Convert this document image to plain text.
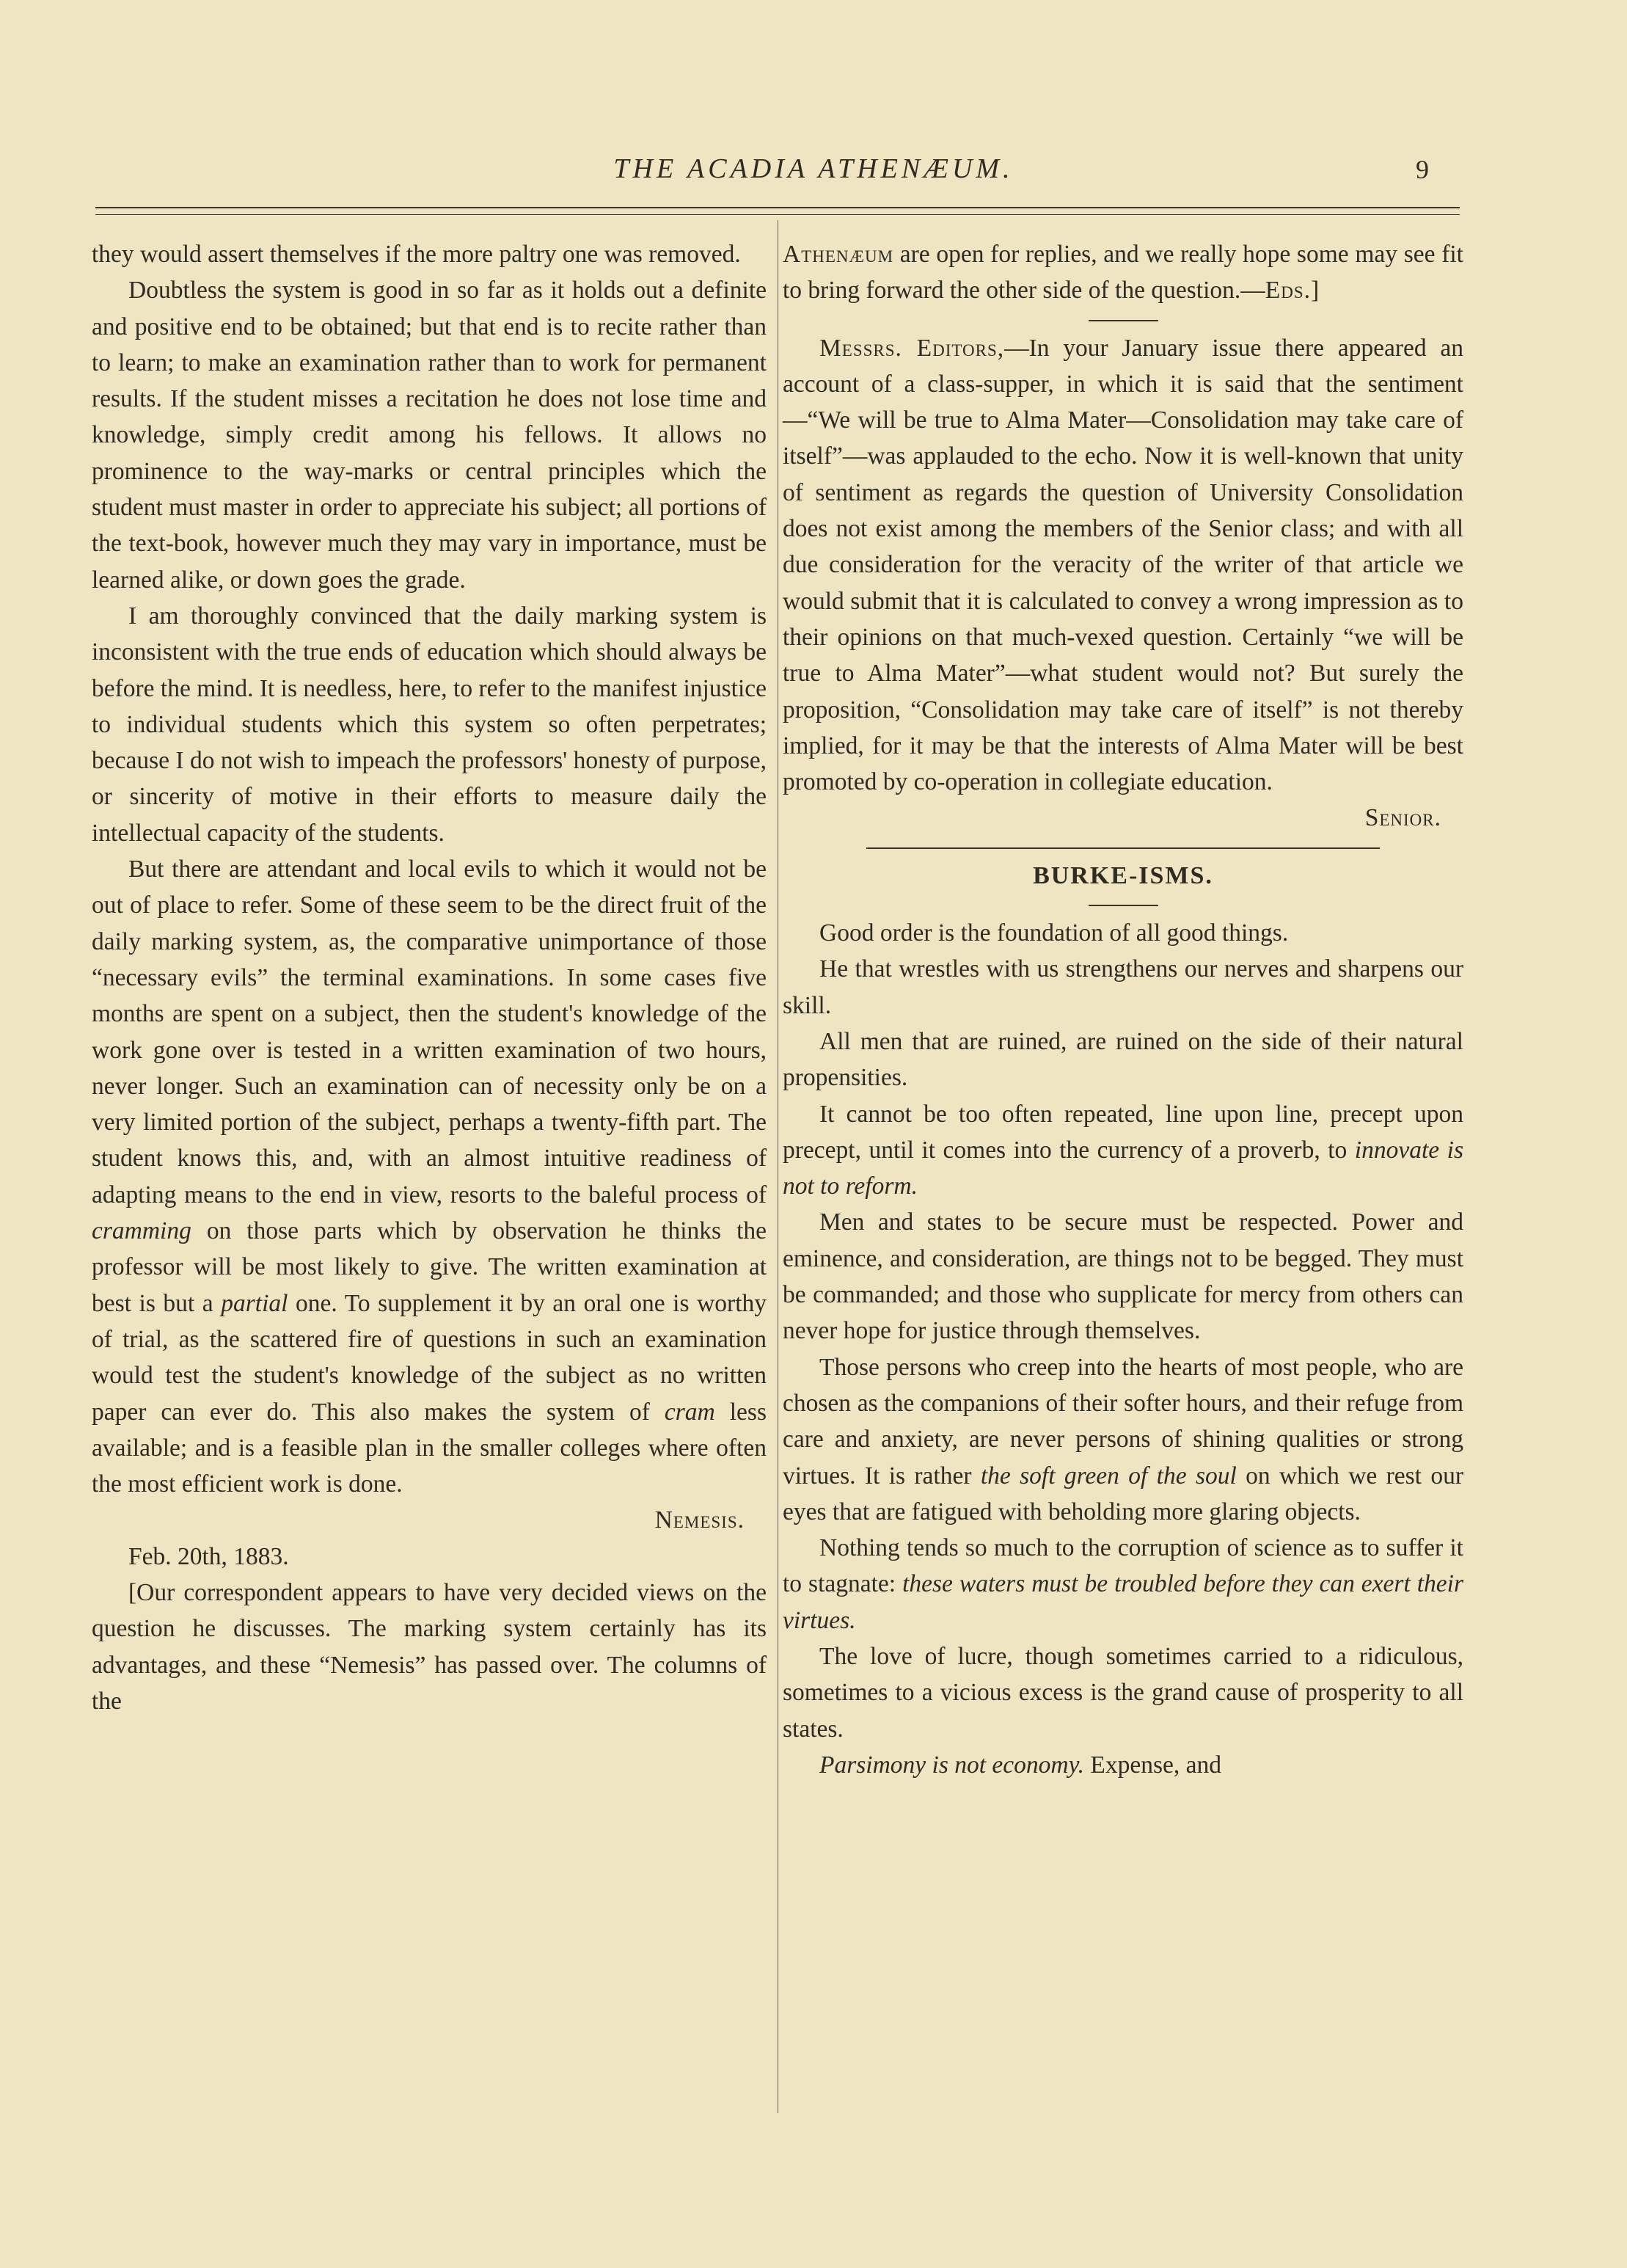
THE ACADIA ATHENÆUM.	9

they would assert themselves if the more paltry one was removed.

Doubtless the system is good in so far as it holds out a definite and positive end to be obtained; but that end is to recite rather than to learn; to make an examination rather than to work for permanent results. If the student misses a recitation he does not lose time and knowledge, simply credit among his fellows. It allows no prominence to the way-marks or central principles which the student must master in order to appreciate his subject; all portions of the text-book, however much they may vary in importance, must be learned alike, or down goes the grade.

I am thoroughly convinced that the daily marking system is inconsistent with the true ends of education which should always be before the mind. It is needless, here, to refer to the manifest injustice to individual students which this system so often perpetrates; because I do not wish to impeach the professors' honesty of purpose, or sincerity of motive in their efforts to measure daily the intellectual capacity of the students.

But there are attendant and local evils to which it would not be out of place to refer. Some of these seem to be the direct fruit of the daily marking system, as, the comparative unimportance of those “necessary evils” the terminal examinations. In some cases five months are spent on a subject, then the student's knowledge of the work gone over is tested in a written examination of two hours, never longer. Such an examination can of necessity only be on a very limited portion of the subject, perhaps a twenty-fifth part. The student knows this, and, with an almost intuitive readiness of adapting means to the end in view, resorts to the baleful process of cramming on those parts which by observation he thinks the professor will be most likely to give. The written examination at best is but a partial one. To supplement it by an oral one is worthy of trial, as the scattered fire of questions in such an examination would test the student's knowledge of the subject as no written paper can ever do. This also makes the system of cram less available; and is a feasible plan in the smaller colleges where often the most efficient work is done.

Nemesis.

Feb. 20th, 1883.

[Our correspondent appears to have very decided views on the question he discusses. The marking system certainly has its advantages, and these “Nemesis” has passed over. The columns of the

Athenæum are open for replies, and we really hope some may see fit to bring forward the other side of the question.—Eds.]

Messrs. Editors,—In your January issue there appeared an account of a class-supper, in which it is said that the sentiment—“We will be true to Alma Mater—Consolidation may take care of itself”—was applauded to the echo. Now it is well-known that unity of sentiment as regards the question of University Consolidation does not exist among the members of the Senior class; and with all due consideration for the veracity of the writer of that article we would submit that it is calculated to convey a wrong impression as to their opinions on that much-vexed question. Certainly “we will be true to Alma Mater”—what student would not? But surely the proposition, “Consolidation may take care of itself” is not thereby implied, for it may be that the interests of Alma Mater will be best promoted by co-operation in collegiate education.

Senior.
BURKE-ISMS.

Good order is the foundation of all good things.

He that wrestles with us strengthens our nerves and sharpens our skill.

All men that are ruined, are ruined on the side of their natural propensities.

It cannot be too often repeated, line upon line, precept upon precept, until it comes into the currency of a proverb, to innovate is not to reform.

Men and states to be secure must be respected. Power and eminence, and consideration, are things not to be begged. They must be commanded; and those who supplicate for mercy from others can never hope for justice through themselves.

Those persons who creep into the hearts of most people, who are chosen as the companions of their softer hours, and their refuge from care and anxiety, are never persons of shining qualities or strong virtues. It is rather the soft green of the soul on which we rest our eyes that are fatigued with beholding more glaring objects.

Nothing tends so much to the corruption of science as to suffer it to stagnate: these waters must be troubled before they can exert their virtues.

The love of lucre, though sometimes carried to a ridiculous, sometimes to a vicious excess is the grand cause of prosperity to all states.

Parsimony is not economy. Expense, and
